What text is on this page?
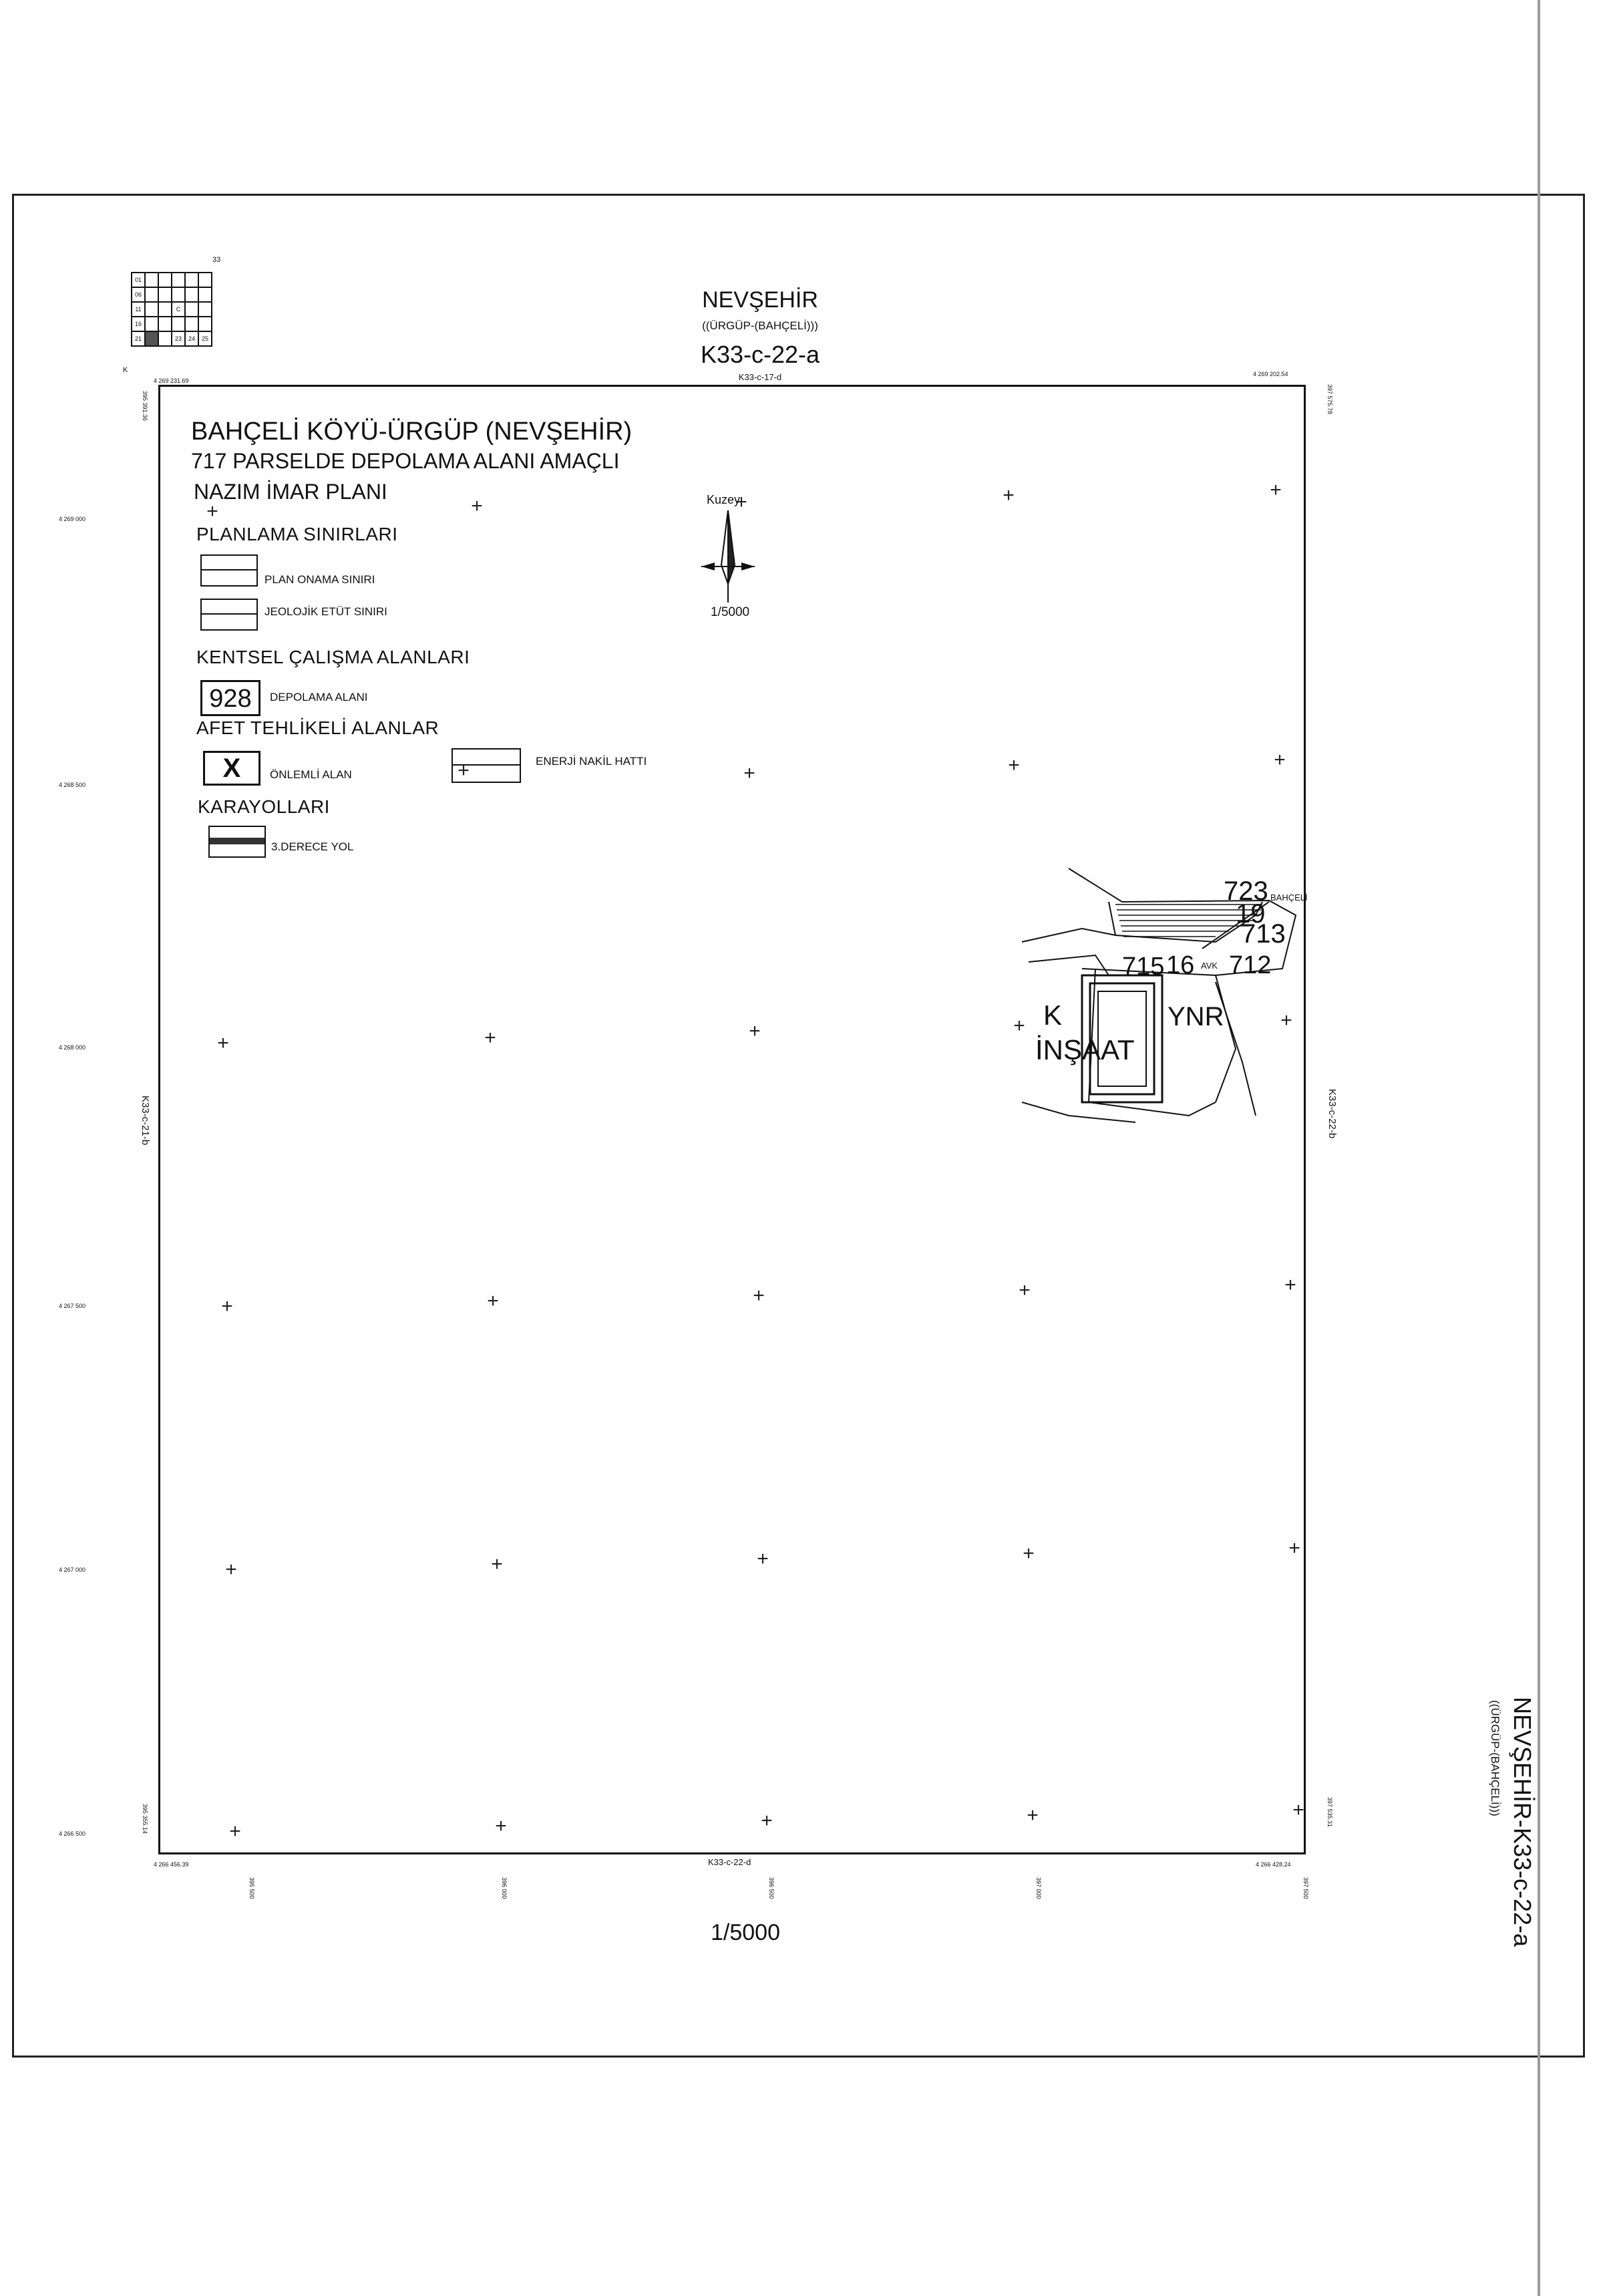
33
K
01					
06					
11			C		
16					
21			23	24	25
NEVŞEHİR
((ÜRGÜP-(BAHÇELİ)))
K33-c-22-a
K33-c-17-d
4 269 231.69
4 269 202.54
4 266 456.39	4 266 428.24
395 391.36
395 355.14
397 575.78
397 535.31
4 269 000
4 268 500
4 268 000
4 267 500
4 267 000
4 266 500
395 500	396 000	396 500	397 000	397 500
K33-c-22-d
K33-c-21-b	K33-c-22-b
BAHÇELİ KÖYÜ-ÜRGÜP (NEVŞEHİR)
717 PARSELDE DEPOLAMA ALANI AMAÇLI
NAZIM İMAR PLANI
PLANLAMA SINIRLARI
PLAN ONAMA SINIRI
JEOLOJİK ETÜT SINIRI
KENTSEL ÇALIŞMA ALANLARI
928	DEPOLAMA ALANI
AFET TEHLİKELİ ALANLAR
X	ÖNLEMLİ ALAN
ENERJİ NAKİL HATTI
KARAYOLLARI
3.DERECE YOL
Kuzey
1/5000
+	+	+	+	+
+	+	+	+
+	+	+	+	+
+	+	+	+	+
+	+	+	+	+
+	+	+	+	+
723 BAHÇELİ
19
713
715 16 AVK 712
K	YNR
İNŞAAT
1/5000	NEVŞEHİR-K33-c-22-a
((ÜRGÜP-(BAHÇELİ)))
